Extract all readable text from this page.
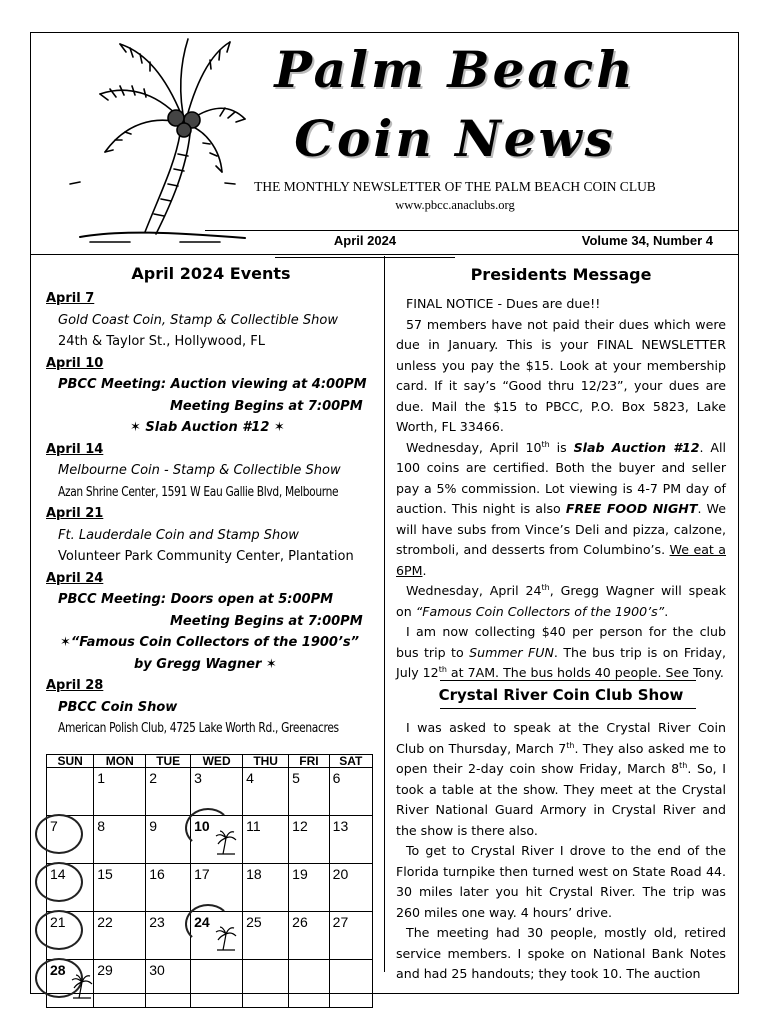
Palm Beach
Coin News
THE MONTHLY NEWSLETTER OF THE PALM BEACH COIN CLUB
www.pbcc.anaclubs.org
April 2024	Volume 34, Number 4
April 2024 Events
April 7
Gold Coast Coin, Stamp & Collectible Show
24th & Taylor St., Hollywood, FL
April 10
PBCC Meeting: Auction viewing at 4:00PM
Meeting Begins at 7:00PM
✶ Slab Auction #12 ✶
April 14
Melbourne Coin - Stamp & Collectible Show
Azan Shrine Center, 1591 W Eau Gallie Blvd, Melbourne
April 21
Ft. Lauderdale Coin and Stamp Show
Volunteer Park Community Center, Plantation
April 24
PBCC Meeting: Doors open at 5:00PM
Meeting Begins at 7:00PM
✶“Famous Coin Collectors of the 1900’s”
by Gregg Wagner ✶
April 28
PBCC Coin Show
American Polish Club, 4725 Lake Worth Rd., Greenacres
SUN	MON	TUE	WED	THU	FRI	SAT
	1	2	3	4	5	6
7	8	9	10	11	12	13
14	15	16	17	18	19	20
21	22	23	24	25	26	27
28	29	30				
Presidents Message
FINAL NOTICE - Dues are due!!
57 members have not paid their dues which were due in January. This is your FINAL NEWSLETTER unless you pay the $15. Look at your membership card. If it say’s “Good thru 12/23”, your dues are due. Mail the $15 to PBCC, P.O. Box 5823, Lake Worth, FL 33466.
Wednesday, April 10th is Slab Auction #12. All 100 coins are certified. Both the buyer and seller pay a 5% commission. Lot viewing is 4-7 PM day of auction. This night is also FREE FOOD NIGHT. We will have subs from Vince’s Deli and pizza, calzone, stromboli, and desserts from Columbino’s. We eat a 6PM.
Wednesday, April 24th, Gregg Wagner will speak on “Famous Coin Collectors of the 1900’s”.
I am now collecting $40 per person for the club bus trip to Summer FUN. The bus trip is on Friday, July 12th at 7AM. The bus holds 40 people. See Tony.
Crystal River Coin Club Show
I was asked to speak at the Crystal River Coin Club on Thursday, March 7th. They also asked me to open their 2-day coin show Friday, March 8th. So, I took a table at the show. They meet at the Crystal River National Guard Armory in Crystal River and the show is there also.
To get to Crystal River I drove to the end of the Florida turnpike then turned west on State Road 44. 30 miles later you hit Crystal River. The trip was 260 miles one way. 4 hours’ drive.
The meeting had 30 people, mostly old, retired service members. I spoke on National Bank Notes and had 25 handouts; they took 10. The auction
